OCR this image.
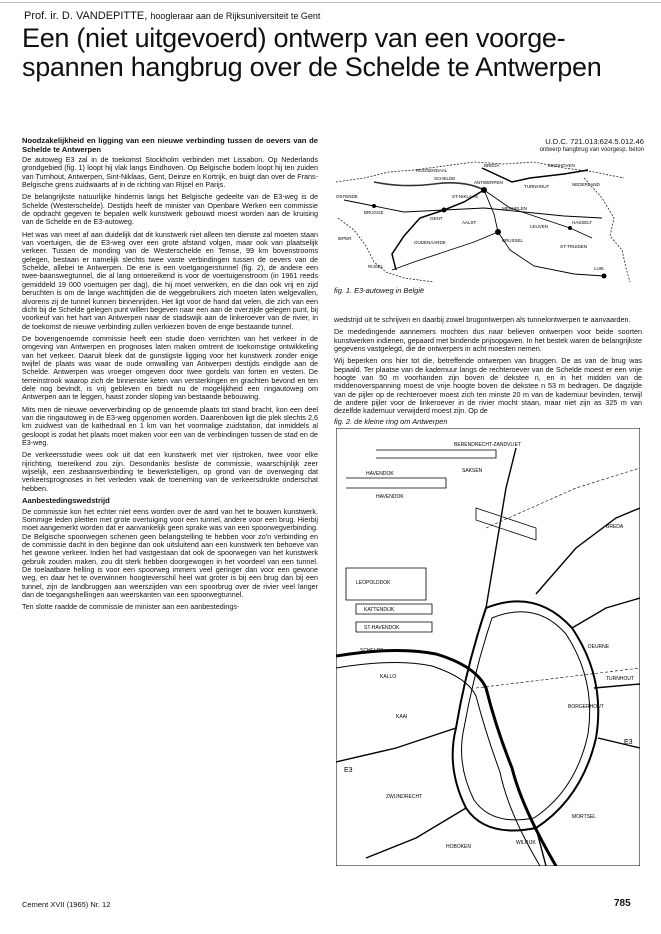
Prof. ir. D. VANDEPITTE, hoogleraar aan de Rijksuniversiteit te Gent
Een (niet uitgevoerd) ontwerp van een voorge-
spannen hangbrug over de Schelde te Antwerpen
U.D.C. 721.013:624.5.012.46
ontwerp hangbrug van voorgesp. beton
Noodzakelijkheid en ligging van een nieuwe verbinding tussen de oevers van de Schelde te Antwerpen

De autoweg E3 zal in de toekomst Stockholm verbinden met Lissabon. Op Nederlands grondgebied (fig. 1) loopt hij vlak langs Eindhoven. Op Belgische bodem loopt hij ten zuiden van Turnhout, Antwerpen, Sint-Niklaas, Gent, Deinze en Kortrijk, en buigt dan over de Frans-Belgische grens zuidwaarts af in de richting van Rijsel en Parijs.

De belangrijkste natuurlijke hindernis langs het Belgische gedeelte van de E3-weg is de Schelde (Westerschelde). Destijds heeft de minister van Openbare Werken een commissie de opdracht gegeven te bepalen welk kunstwerk gebouwd moest worden aan de kruising van de Schelde en de E3-autoweg.

Het was van meet af aan duidelijk dat dit kunstwerk niet alleen ten dienste zal moeten staan van voertuigen, die de E3-weg over een grote afstand volgen, maar ook van plaatselijk verkeer. Tussen de monding van de Westerschelde en Temse, 99 km bovenstrooms gelegen, bestaan er namelijk slechts twee vaste verbindingen tussen de oevers van de Schelde, allebei te Antwerpen. De ene is een voetgangerstunnel (fig. 2), de andere een twee-baanswegtunnel, die al lang ontoereikend is voor de voertuigenstroom (in 1961 reeds gemiddeld 19 000 voertuigen per dag), die hij moet verwerken, en die dan ook vrij en zijd beruchten is om de lange wachttijden die de weggebruikers zich moeten laten welgevallen, alvorens zij de tunnel kunnen binnenrijden. Het ligt voor de hand dat velen, die zich van een dicht bij de Schelde gelegen punt willen begeven naar een aan de overzijde gelegen punt, bij voorkeuf van het hart van Antwerpen naar de stadswijk aan de linkeroever van de rivier, in de toekomst de nieuwe verbinding zullen verkiezen boven de enge bestaande tunnel.

De bovengenoemde commissie heeft een studie doen verrichten van het verkeer in de omgeving van Antwerpen en prognoses laten maken omtrent de toekomstige ontwikkeling van het verkeer. Daaruit bleek dat de gunstigste ligging voor het kunstwerk zonder enige twijfel de plaats was waar de oude omwalling van Antwerpen destijds eindigde aan de Schelde. Antwerpen was vroeger omgeven door twee gordels van forten en vesten. De terreinstrook waarop zich de binnenste keten van versterkingen en grachten bevond en ten dele nog bevindt, is vrij gebleven en biedt nu de mogelijkheid een ringautoweg om Antwerpen aan te leggen, haast zonder sloping van bestaande bebouwing.

Mits men de nieuwe oeververbinding op de genoemde plaats tot stand bracht, kon een deel van die ringautoweg in de E3-weg opgenomen worden. Daarenboven ligt die plek slechts 2,6 km zuidwest van de kathedraal en 1 km van het voormalige zuidstation, dat inmiddels al gesloopt is zodat het plaats moet maken voor een van de verbindingen tussen de stad en de E3-weg.

De verkeersstudie wees ook uit dat een kunstwerk met vier rijstroken, twee voor elke rijrichting, toereikend zou zijn. Desondanks besliste de commissie, waarschijnlijk zeer wijselijk, een zesbaansverbinding te bewerkstelligen, op grond van de overweging dat verkeersprognoses in het verleden vaak de toeneming van de verkeersdrukte onderschat hebben.

Aanbestedingswedstrijd

De commissie kon het echter niet eens worden over de aard van het te bouwen kunstwerk. Sommige leden pleitten met grote overtuiging voor een tunnel, andere voor een brug. Hierbij moet aangemerkt worden dat er aanvankelijk geen sprake was van een spoorwegverbinding. De Belgische spoorwegen schenen geen belangstelling te hebben voor zo'n verbinding en de commissie dacht in den beginne dan ook uitsluitend aan een kunstwerk ten behoeve van het gewone verkeer. Indien het had vastgestaan dat ook de spoorwegen van het kunstwerk gebruik zouden maken, zou dit sterk hebben doorgewogen in het voordeel van een tunnel. De toelaatbare helling is voor een spoorweg immers veel geringer dan voor een gewone weg, en daar het te overwinnen hoogteverschil heel wat groter is bij een brug dan bij een tunnel, zijn de landbruggen aan weerszijden van een spoorbrug over de rivier veel langer dan de toegangshellingen aan weerskanten van een spoorwegtunnel.

Ten slotte raadde de commissie de minister aan een aanbestedings-

ROOSENDAAL
BREDA	EINDHOVEN
NEDERLAND
SCHELDE
TURNHOUT
OSTENDE
ANTWERPEN
BRUGGE
ST-NIKLAAS
GENT
MECHELEN
HASSELT
AALST
LEUVEN
BRUSSEL
OUDENAARDE
ST-TRUIDEN
IEPER
RIJSEL	LUIK
fig. 1. E3-autoweg in België

wedstrijd uit te schrijven en daarbij zowel brugontwerpen als tunnelontwerpen te aanvaarden.

De mededingende aannemers mochten dus naar believen ontwerpen voor beide soorten kunstwerken indienen, gepaard met bindende prijsopgaven. In het bestek waren de belangrijkste gegevens vastgelegd, die de ontwerpers in acht moesten nemen.

Wij beperken ons hier tot die, betreffende ontwerpen van bruggen. De as van de brug was bepaald. Ter plaatse van de kademuur langs de rechteroever van de Schelde moest er een vrije hoogte van 50 m voorhanden zijn boven de dekstee n, en in het midden van de middenoverspanning moest de vrije hoogte boven die dekstee n 53 m bedragen. De dagzijde van de pijler op de rechteroever moest zich ten minste 20 m van de kademuur bevinden, terwijl de andere pijler voor de linkeroever in de rivier mocht staan, maar niet zijn as 325 m van dezelfde kademuur verwijderd moest zijn. Op de

fig. 2. de kleine ring om Antwerpen
HAVENDOK
BERENDRECHT-ZANDVLIET
SAKSEN
HAVENDOK
LEOPOLDDOK
KATTENDIJK
ST-HAVENDOK
SCHELDE
KAAI
DEURNE
BORGERHOUT
MORTSEL
HOBOKEN
WILRIJK
E3
E3
KALLO
ZWIJNDRECHT
TURNHOUT
BREDA
Cement XVII (1965) Nr. 12	785
